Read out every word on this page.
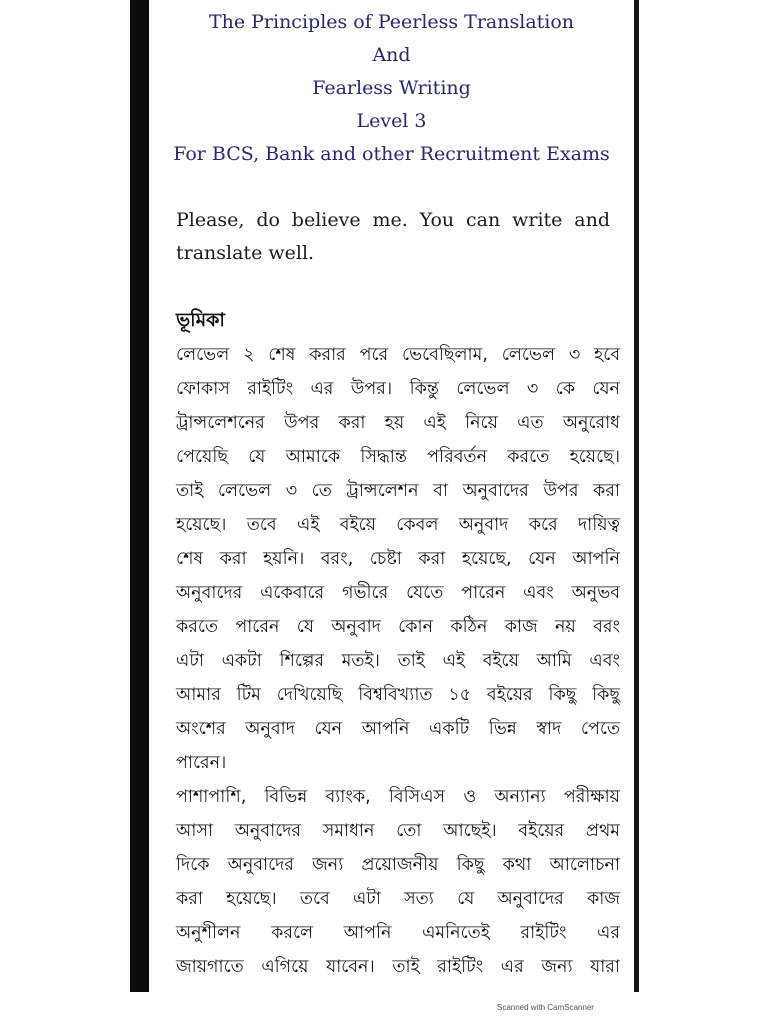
The Principles of Peerless Translation
And
Fearless Writing
Level 3
For BCS, Bank and other Recruitment Exams

Please, do believe me. You can write and translate well.

ভূমিকা

লেভেল ২ শেষ করার পরে ভেবেছিলাম, লেভেল ৩ হবে
ফোকাস রাইটিং এর উপর। কিন্তু লেভেল ৩ কে যেন
ট্রান্সলেশনের উপর করা হয় এই নিয়ে এত অনুরোধ
পেয়েছি যে আমাকে সিদ্ধান্ত পরিবর্তন করতে হয়েছে।
তাই লেভেল ৩ তে ট্রান্সলেশন বা অনুবাদের উপর করা
হয়েছে। তবে এই বইয়ে কেবল অনুবাদ করে দায়িত্ব
শেষ করা হয়নি। বরং, চেষ্টা করা হয়েছে, যেন আপনি
অনুবাদের একেবারে গভীরে যেতে পারেন এবং অনুভব
করতে পারেন যে অনুবাদ কোন কঠিন কাজ নয় বরং
এটা একটা শিল্পের মতই। তাই এই বইয়ে আমি এবং
আমার টিম দেখিয়েছি বিশ্ববিখ্যাত ১৫ বইয়ের কিছু কিছু
অংশের অনুবাদ যেন আপনি একটি ভিন্ন স্বাদ পেতে
পারেন।
পাশাপাশি, বিভিন্ন ব্যাংক, বিসিএস ও অন্যান্য পরীক্ষায়
আসা অনুবাদের সমাধান তো আছেই। বইয়ের প্রথম
দিকে অনুবাদের জন্য প্রয়োজনীয় কিছু কথা আলোচনা
করা হয়েছে। তবে এটা সত্য যে অনুবাদের কাজ
অনুশীলন করলে আপনি এমনিতেই রাইটিং এর
জায়গাতে এগিয়ে যাবেন। তাই রাইটিং এর জন্য যারা
Scanned with CamScanner
